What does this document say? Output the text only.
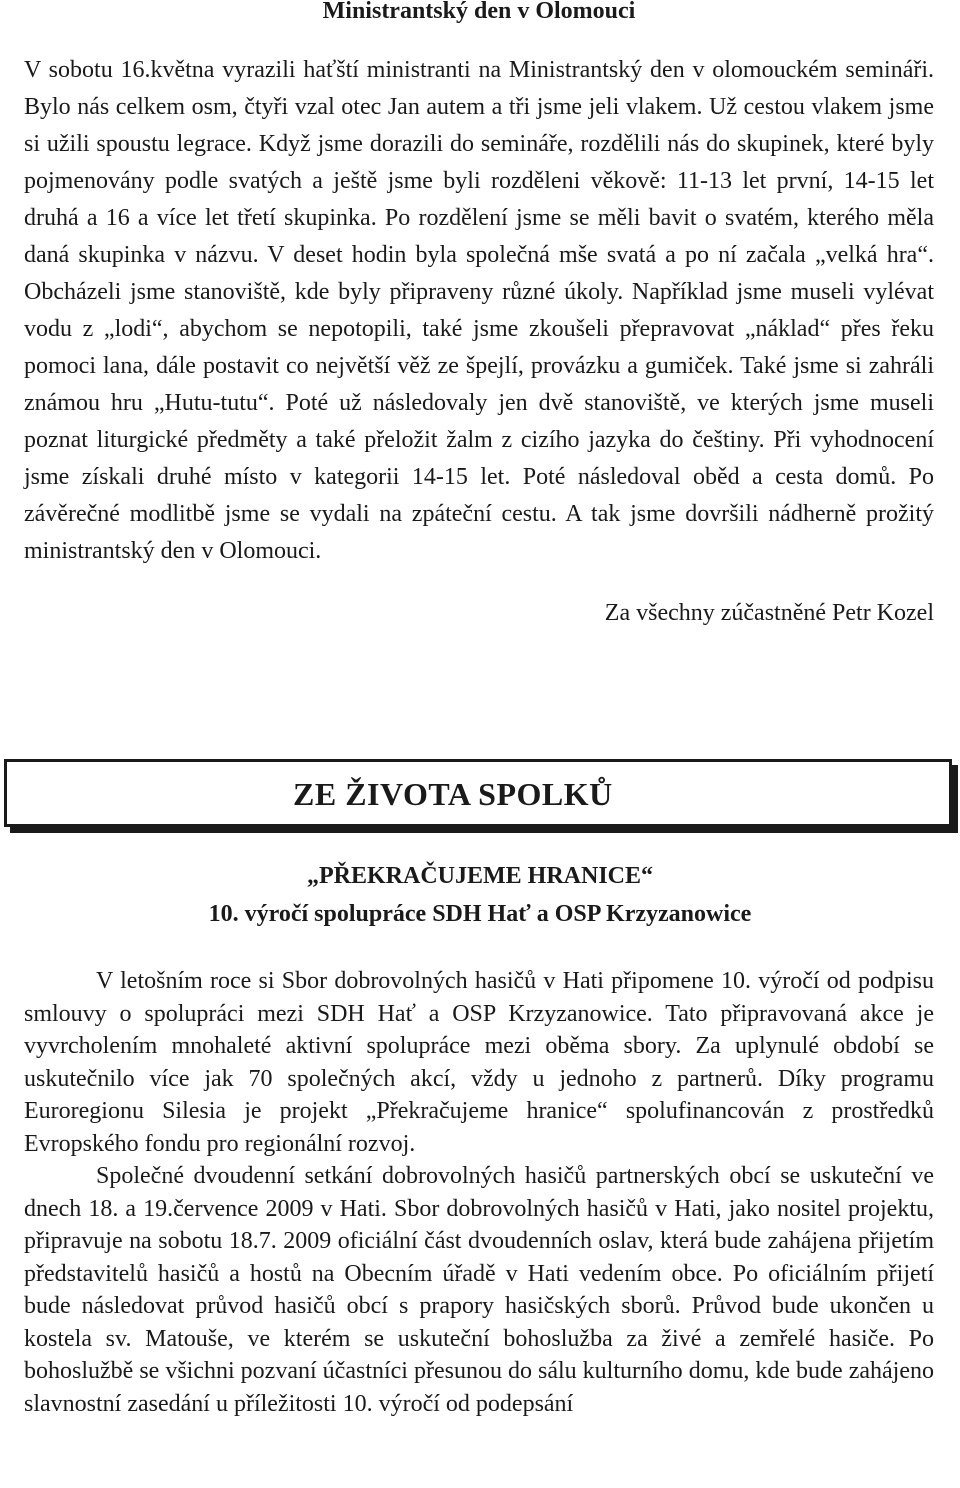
Ministrantský den v Olomouci

V sobotu 16.května vyrazili haťští ministranti na Ministrantský den v olomouckém semináři. Bylo nás celkem osm, čtyři vzal otec Jan autem a tři jsme jeli vlakem. Už cestou vlakem jsme si užili spoustu legrace. Když jsme dorazili do semináře, rozdělili nás do skupinek, které byly pojmenovány podle svatých a ještě jsme byli rozděleni věkově: 11-13 let první, 14-15 let druhá a 16 a více let třetí skupinka. Po rozdělení jsme se měli bavit o svatém, kterého měla daná skupinka v názvu. V deset hodin byla společná mše svatá a po ní začala „velká hra“. Obcházeli jsme stanoviště, kde byly připraveny různé úkoly. Například jsme museli vylévat vodu z „lodi“, abychom se nepotopili, také jsme zkoušeli přepravovat „náklad“ přes řeku pomoci lana, dále postavit co největší věž ze špejlí, provázku a gumiček. Také jsme si zahráli známou hru „Hutu-tutu“. Poté už následovaly jen dvě stanoviště, ve kterých jsme museli poznat liturgické předměty a také přeložit žalm z cizího jazyka do češtiny. Při vyhodnocení jsme získali druhé místo v kategorii 14-15 let. Poté následoval oběd a cesta domů. Po závěrečné modlitbě jsme se vydali na zpáteční cestu. A tak jsme dovršili nádherně prožitý ministrantský den v Olomouci.

Za všechny zúčastněné Petr Kozel
ZE ŽIVOTA SPOLKŮ
„PŘEKRAČUJEME HRANICE“
10. výročí spolupráce SDH Hať a OSP Krzyzanowice

V letošním roce si Sbor dobrovolných hasičů v Hati připomene 10. výročí od podpisu smlouvy o spolupráci mezi SDH Hať a OSP Krzyzanowice. Tato připravovaná akce je vyvrcholením mnohaleté aktivní spolupráce mezi oběma sbory. Za uplynulé období se uskutečnilo více jak 70 společných akcí, vždy u jednoho z partnerů. Díky programu Euroregionu Silesia je projekt „Překračujeme hranice“ spolufinancován z prostředků Evropského fondu pro regionální rozvoj.

Společné dvoudenní setkání dobrovolných hasičů partnerských obcí se uskuteční ve dnech 18. a 19.července 2009 v Hati. Sbor dobrovolných hasičů v Hati, jako nositel projektu, připravuje na sobotu 18.7. 2009 oficiální část dvoudenních oslav, která bude zahájena přijetím představitelů hasičů a hostů na Obecním úřadě v Hati vedením obce. Po oficiálním přijetí bude následovat průvod hasičů obcí s prapory hasičských sborů. Průvod bude ukončen u kostela sv. Matouše, ve kterém se uskuteční bohoslužba za živé a zemřelé hasiče. Po bohoslužbě se všichni pozvaní účastníci přesunou do sálu kulturního domu, kde bude zahájeno slavnostní zasedání u příležitosti 10. výročí od podepsání
